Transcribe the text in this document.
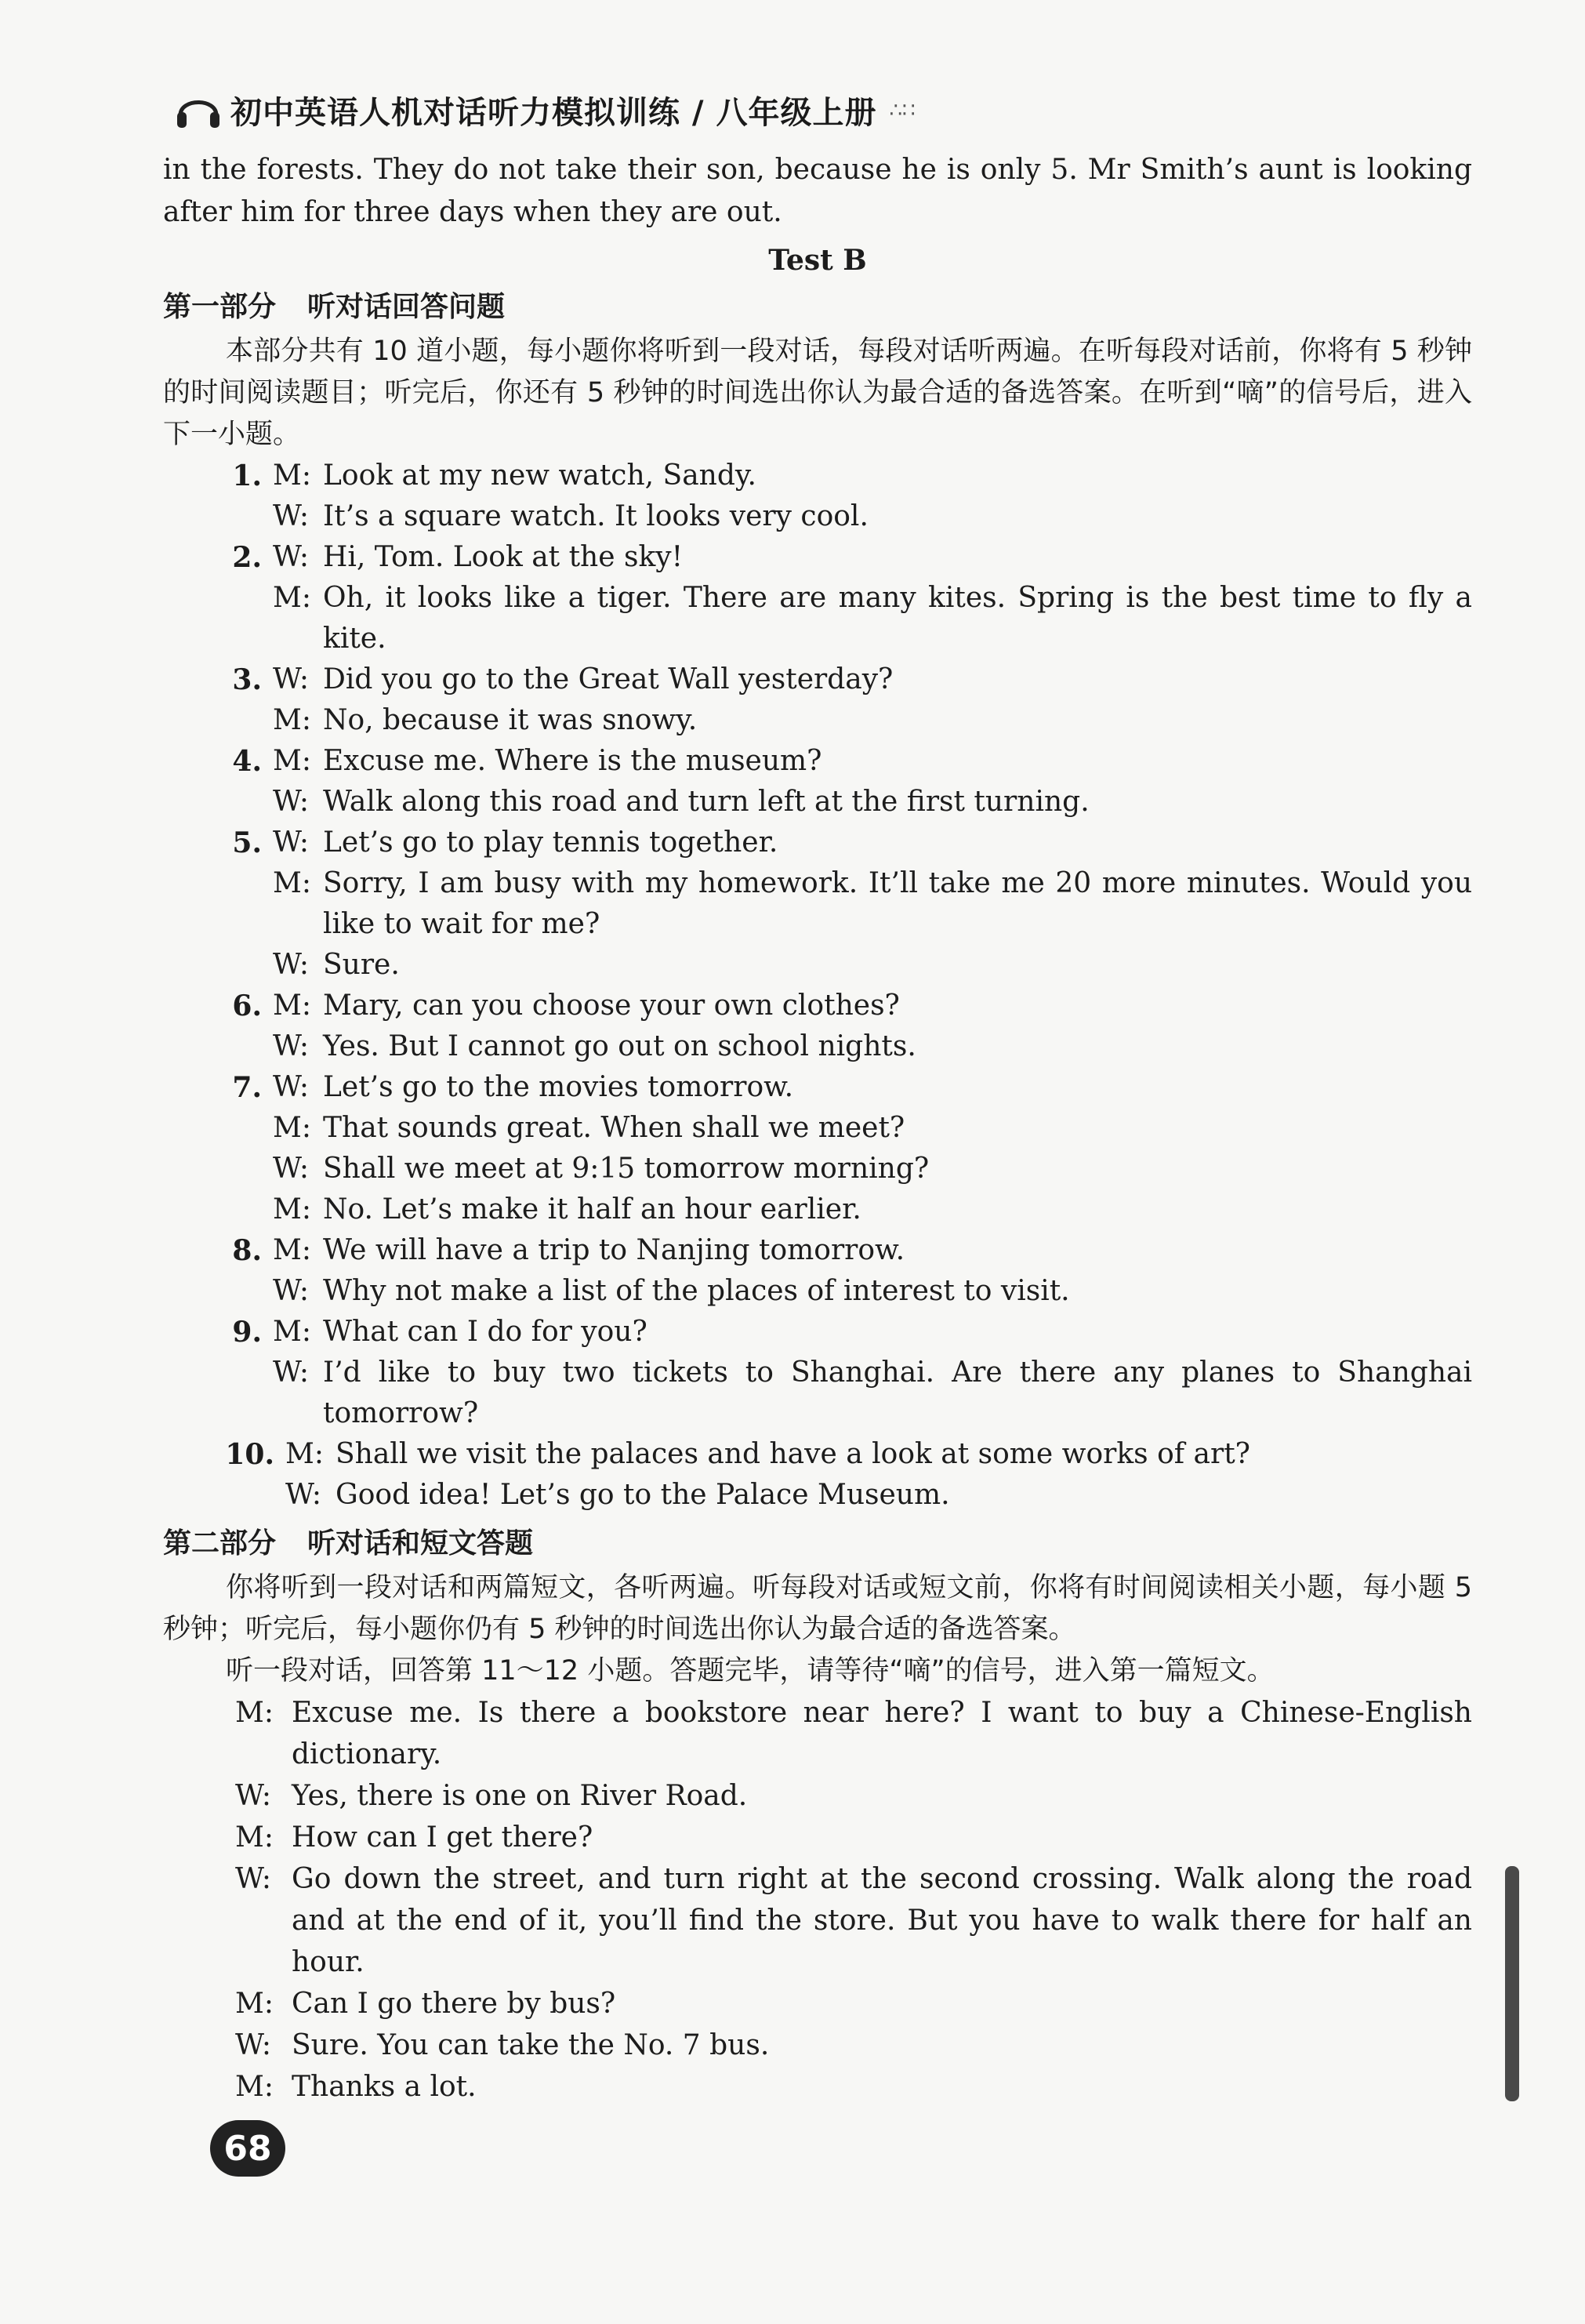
初中英语人机对话听力模拟训练 / 八年级上册 ∴∷

in the forests. They do not take their son, because he is only 5. Mr Smith’s aunt is looking after him for three days when they are out.

Test B
第一部分 听对话回答问题

本部分共有 10 道小题，每小题你将听到一段对话，每段对话听两遍。在听每段对话前，你将有 5 秒钟的时间阅读题目；听完后，你还有 5 秒钟的时间选出你认为最合适的备选答案。在听到“嘀”的信号后，进入下一小题。

1. M: Look at my new watch, Sandy.
W: It’s a square watch. It looks very cool.
2. W: Hi, Tom. Look at the sky!
M: Oh, it looks like a tiger. There are many kites. Spring is the best time to fly a kite.
3. W: Did you go to the Great Wall yesterday?
M: No, because it was snowy.
4. M: Excuse me. Where is the museum?
W: Walk along this road and turn left at the first turning.
5. W: Let’s go to play tennis together.
M: Sorry, I am busy with my homework. It’ll take me 20 more minutes. Would you like to wait for me?
W: Sure.
6. M: Mary, can you choose your own clothes?
W: Yes. But I cannot go out on school nights.
7. W: Let’s go to the movies tomorrow.
M: That sounds great. When shall we meet?
W: Shall we meet at 9:15 tomorrow morning?
M: No. Let’s make it half an hour earlier.
8. M: We will have a trip to Nanjing tomorrow.
W: Why not make a list of the places of interest to visit.
9. M: What can I do for you?
W: I’d like to buy two tickets to Shanghai. Are there any planes to Shanghai tomorrow?
10. M: Shall we visit the palaces and have a look at some works of art?
W: Good idea! Let’s go to the Palace Museum.
第二部分 听对话和短文答题

你将听到一段对话和两篇短文，各听两遍。听每段对话或短文前，你将有时间阅读相关小题，每小题 5 秒钟；听完后，每小题你仍有 5 秒钟的时间选出你认为最合适的备选答案。

听一段对话，回答第 11～12 小题。答题完毕，请等待“嘀”的信号，进入第一篇短文。

M: Excuse me. Is there a bookstore near here? I want to buy a Chinese-English dictionary.
W: Yes, there is one on River Road.
M: How can I get there?
W: Go down the street, and turn right at the second crossing. Walk along the road and at the end of it, you’ll find the store. But you have to walk there for half an hour.
M: Can I go there by bus?
W: Sure. You can take the No. 7 bus.
M: Thanks a lot.
68
